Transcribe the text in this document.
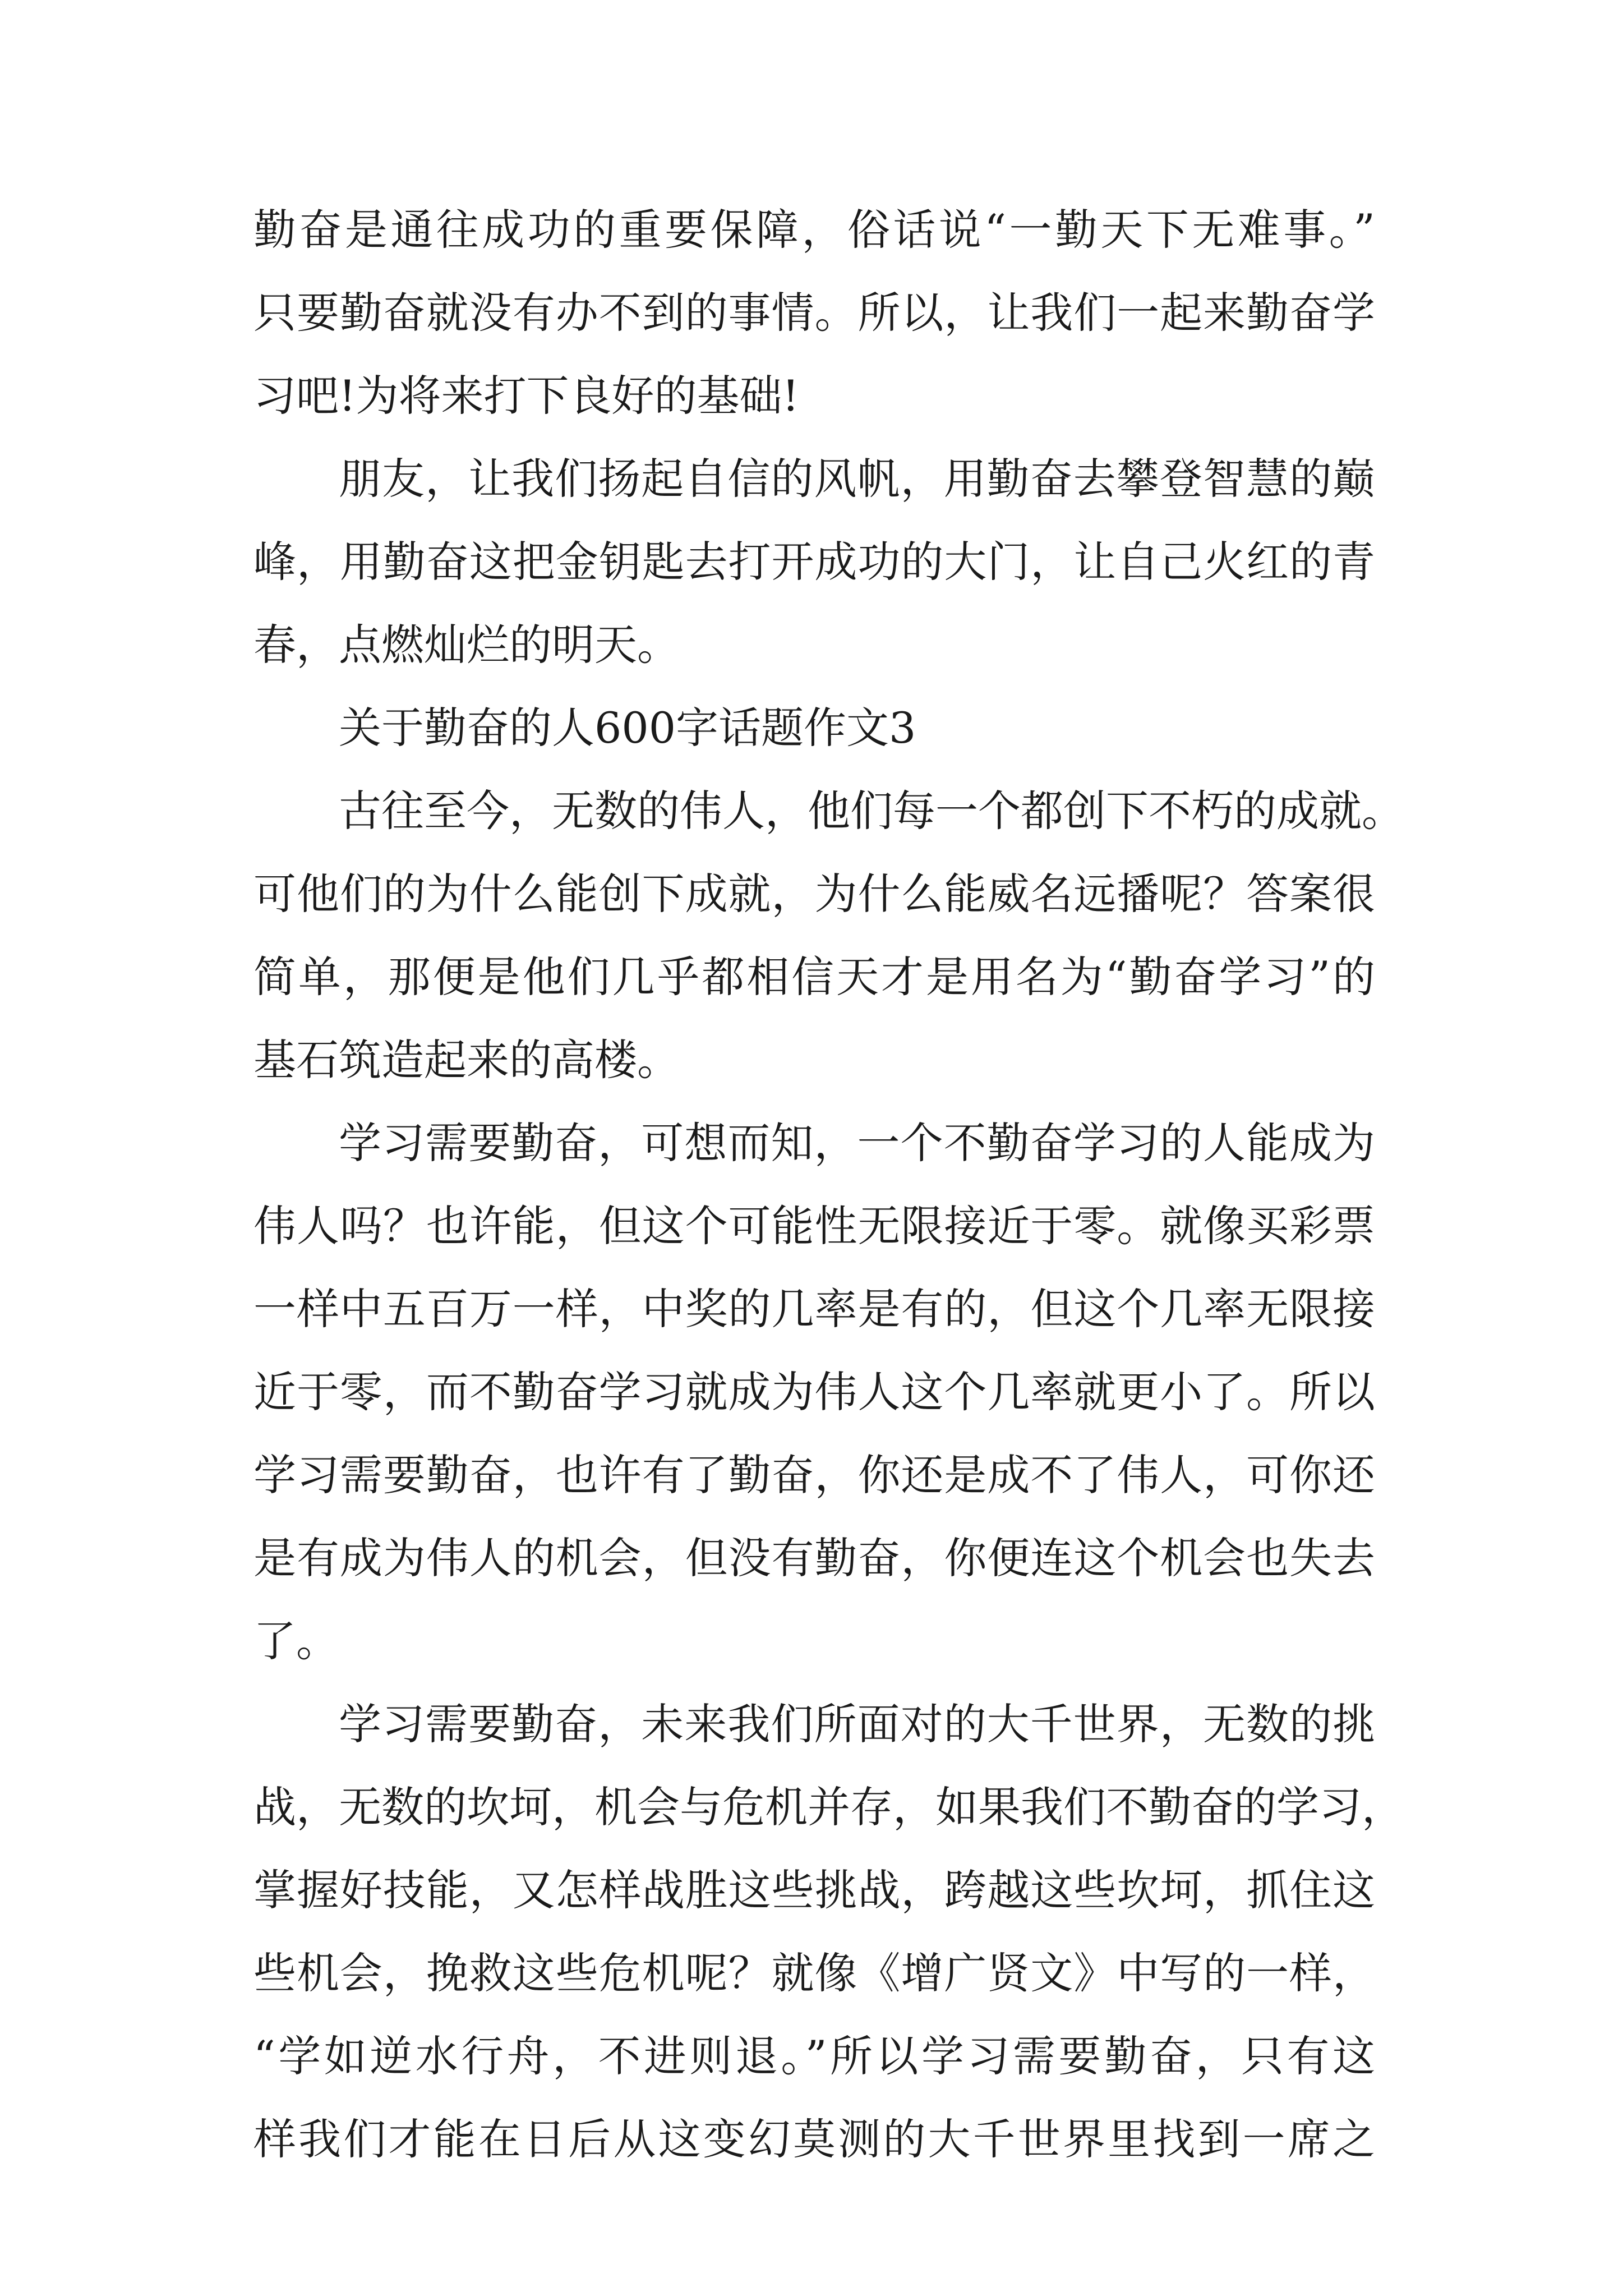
勤奋是通往成功的重要保障，俗话说“一勤天下无难事。”
只要勤奋就没有办不到的事情。所以，让我们一起来勤奋学
习吧!为将来打下良好的基础!
朋友，让我们扬起自信的风帆，用勤奋去攀登智慧的巅
峰，用勤奋这把金钥匙去打开成功的大门，让自己火红的青
春，点燃灿烂的明天。
关于勤奋的人600字话题作文3
古往至今，无数的伟人，他们每一个都创下不朽的成就。
可他们的为什么能创下成就，为什么能威名远播呢？答案很
简单，那便是他们几乎都相信天才是用名为“勤奋学习”的
基石筑造起来的高楼。
学习需要勤奋，可想而知，一个不勤奋学习的人能成为
伟人吗？也许能，但这个可能性无限接近于零。就像买彩票
一样中五百万一样，中奖的几率是有的，但这个几率无限接
近于零，而不勤奋学习就成为伟人这个几率就更小了。所以
学习需要勤奋，也许有了勤奋，你还是成不了伟人，可你还
是有成为伟人的机会，但没有勤奋，你便连这个机会也失去
了。
学习需要勤奋，未来我们所面对的大千世界，无数的挑
战，无数的坎坷，机会与危机并存，如果我们不勤奋的学习，
掌握好技能，又怎样战胜这些挑战，跨越这些坎坷，抓住这
些机会，挽救这些危机呢？就像《增广贤文》中写的一样，
“学如逆水行舟，不进则退。”所以学习需要勤奋，只有这
样我们才能在日后从这变幻莫测的大千世界里找到一席之
